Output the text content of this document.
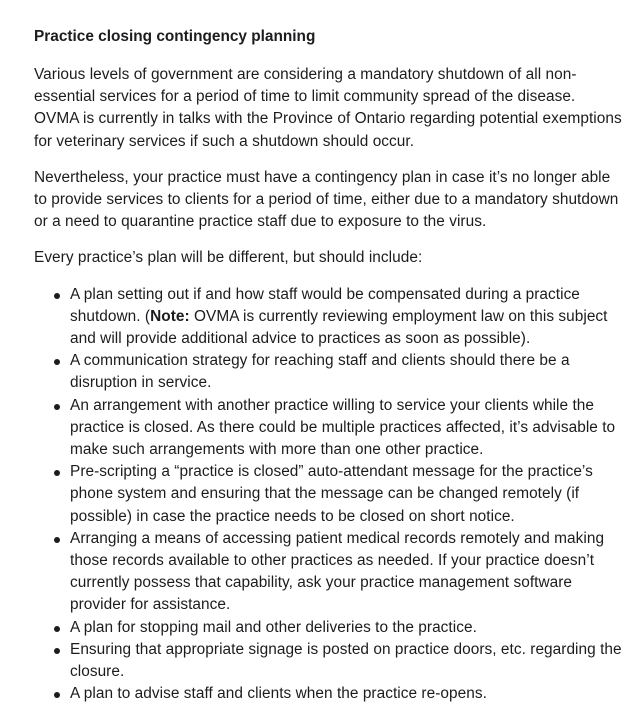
Practice closing contingency planning

Various levels of government are considering a mandatory shutdown of all non-essential services for a period of time to limit community spread of the disease. OVMA is currently in talks with the Province of Ontario regarding potential exemptions for veterinary services if such a shutdown should occur.

Nevertheless, your practice must have a contingency plan in case it’s no longer able to provide services to clients for a period of time, either due to a mandatory shutdown or a need to quarantine practice staff due to exposure to the virus.

Every practice’s plan will be different, but should include:

A plan setting out if and how staff would be compensated during a practice shutdown. (Note: OVMA is currently reviewing employment law on this subject and will provide additional advice to practices as soon as possible).
A communication strategy for reaching staff and clients should there be a disruption in service.
An arrangement with another practice willing to service your clients while the practice is closed. As there could be multiple practices affected, it’s advisable to make such arrangements with more than one other practice.
Pre-scripting a “practice is closed” auto-attendant message for the practice’s phone system and ensuring that the message can be changed remotely (if possible) in case the practice needs to be closed on short notice.
Arranging a means of accessing patient medical records remotely and making those records available to other practices as needed. If your practice doesn’t currently possess that capability, ask your practice management software provider for assistance.
A plan for stopping mail and other deliveries to the practice.
Ensuring that appropriate signage is posted on practice doors, etc. regarding the closure.
A plan to advise staff and clients when the practice re-opens.
